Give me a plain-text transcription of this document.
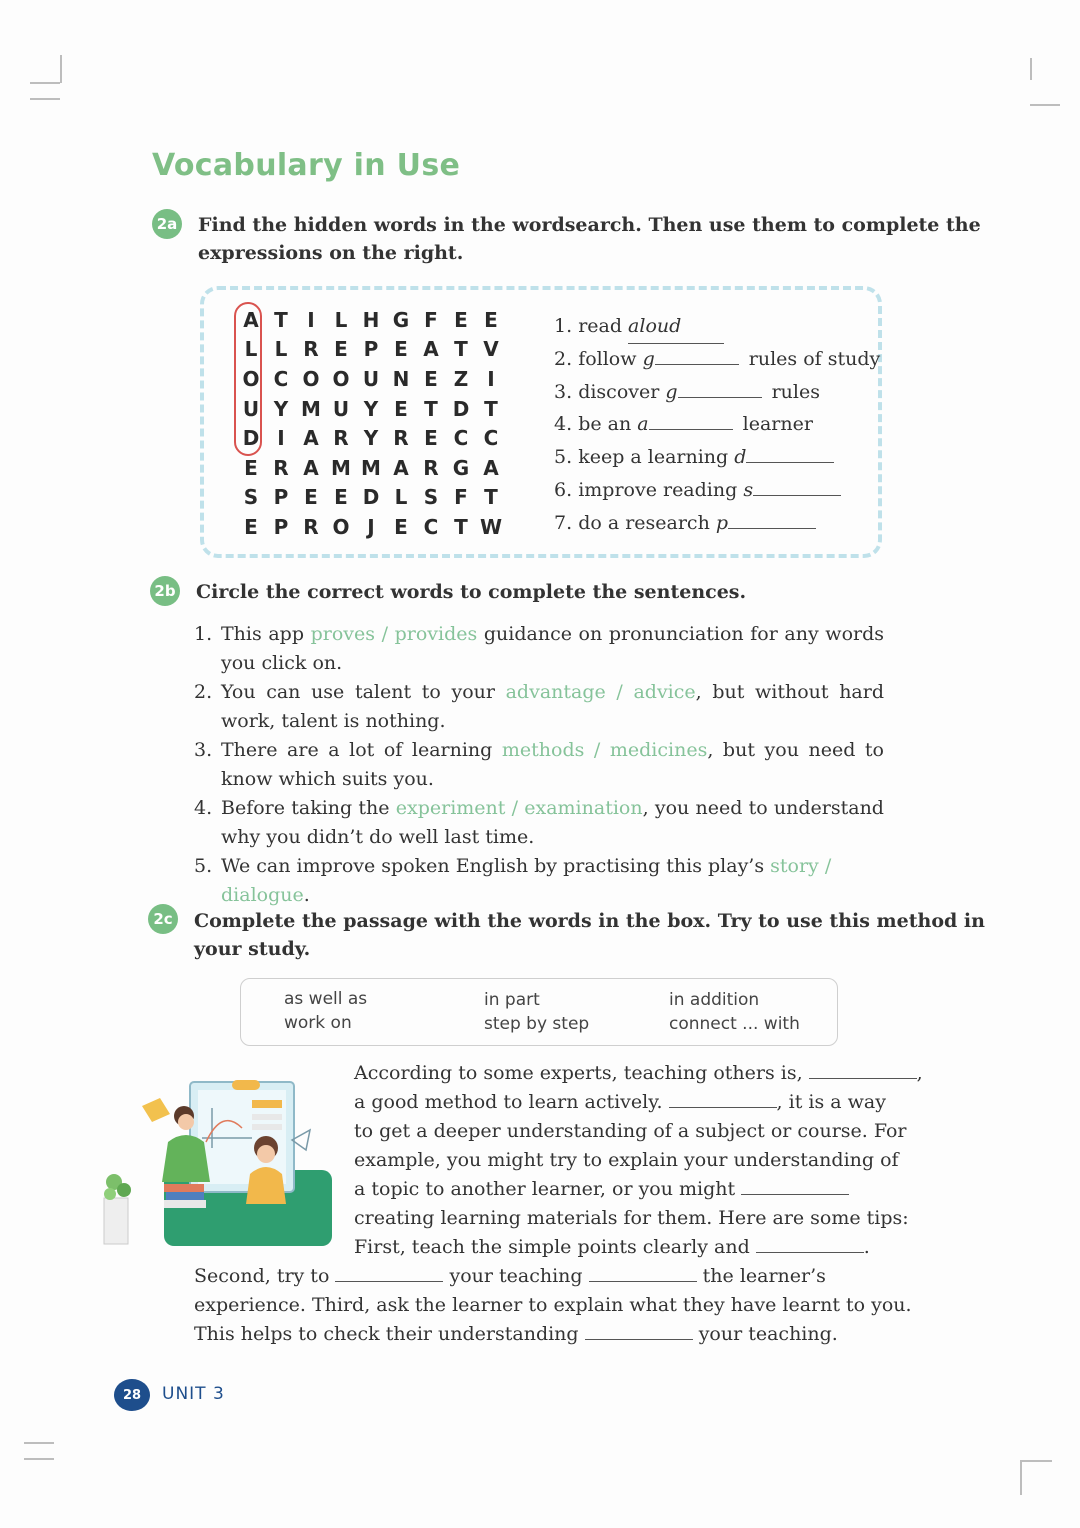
Vocabulary in Use
2a Find the hidden words in the wordsearch. Then use them to complete the
expressions on the right.
A T I L H G F E E
L L R E P E A T V
O C O O U N E Z I
U Y M U Y E T D T
D I A R Y R E C C
E R A M M A R G A
S P E E D L S F T
E P R O J E C T W
1. read aloud
2. follow g	rules of study
3. discover g	rules
4. be an a	learner
5. keep a learning d
6. improve reading s
7. do a research p
2b Circle the correct words to complete the sentences.
1. This app proves / provides guidance on pronunciation for any words you click on.
2. You can use talent to your advantage / advice, but without hard work, talent is nothing.
3. There are a lot of learning methods / medicines, but you need to know which suits you.
4. Before taking the experiment / examination, you need to understand why you didn’t do well last time.
5. We can improve spoken English by practising this play’s story / dialogue.
2c Complete the passage with the words in the box. Try to use this method in
your study.
as well as	in part	in addition
work on	step by step	connect ... with
According to some experts, teaching others is,	,
a good method to learn actively.	, it is a way
to get a deeper understanding of a subject or course. For
example, you might try to explain your understanding of
a topic to another learner, or you might
creating learning materials for them. Here are some tips:
First, teach the simple points clearly and	.
Second, try to	your teaching	the learner’s
experience. Third, ask the learner to explain what they have learnt to you.
This helps to check their understanding	your teaching.
28	UNIT 3
